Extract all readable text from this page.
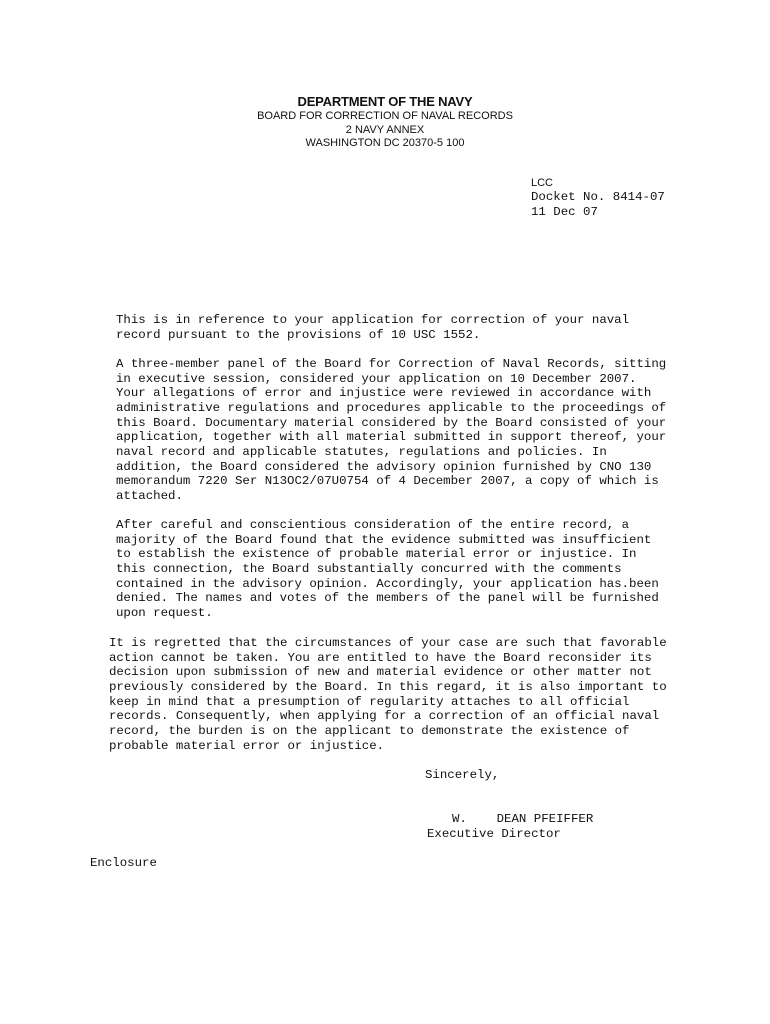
DEPARTMENT OF THE NAVY
BOARD FOR CORRECTION OF NAVAL RECORDS
2 NAVY ANNEX
WASHINGTON DC 20370-5 100
LCC
Docket No. 8414-07
11 Dec 07

This is in reference to your application for correction of your naval
record pursuant to the provisions of 10 USC 1552.

A three-member panel of the Board for Correction of Naval Records, sitting
in executive session, considered your application on 10 December 2007.
Your allegations of error and injustice were reviewed in accordance with
administrative regulations and procedures applicable to the proceedings of
this Board. Documentary material considered by the Board consisted of your
application, together with all material submitted in support thereof, your
naval record and applicable statutes, regulations and policies. In
addition, the Board considered the advisory opinion furnished by CNO 130
memorandum 7220 Ser N13OC2/07U0754 of 4 December 2007, a copy of which is
attached.

After careful and conscientious consideration of the entire record, a
majority of the Board found that the evidence submitted was insufficient
to establish the existence of probable material error or injustice. In
this connection, the Board substantially concurred with the comments
contained in the advisory opinion. Accordingly, your application has.been
denied. The names and votes of the members of the panel will be furnished
upon request.

It is regretted that the circumstances of your case are such that favorable
action cannot be taken. You are entitled to have the Board reconsider its
decision upon submission of new and material evidence or other matter not
previously considered by the Board. In this regard, it is also important to
keep in mind that a presumption of regularity attaches to all official
records. Consequently, when applying for a correction of an official naval
record, the burden is on the applicant to demonstrate the existence of
probable material error or injustice.

Sincerely,
W.    DEAN PFEIFFER
Executive Director
Enclosure
